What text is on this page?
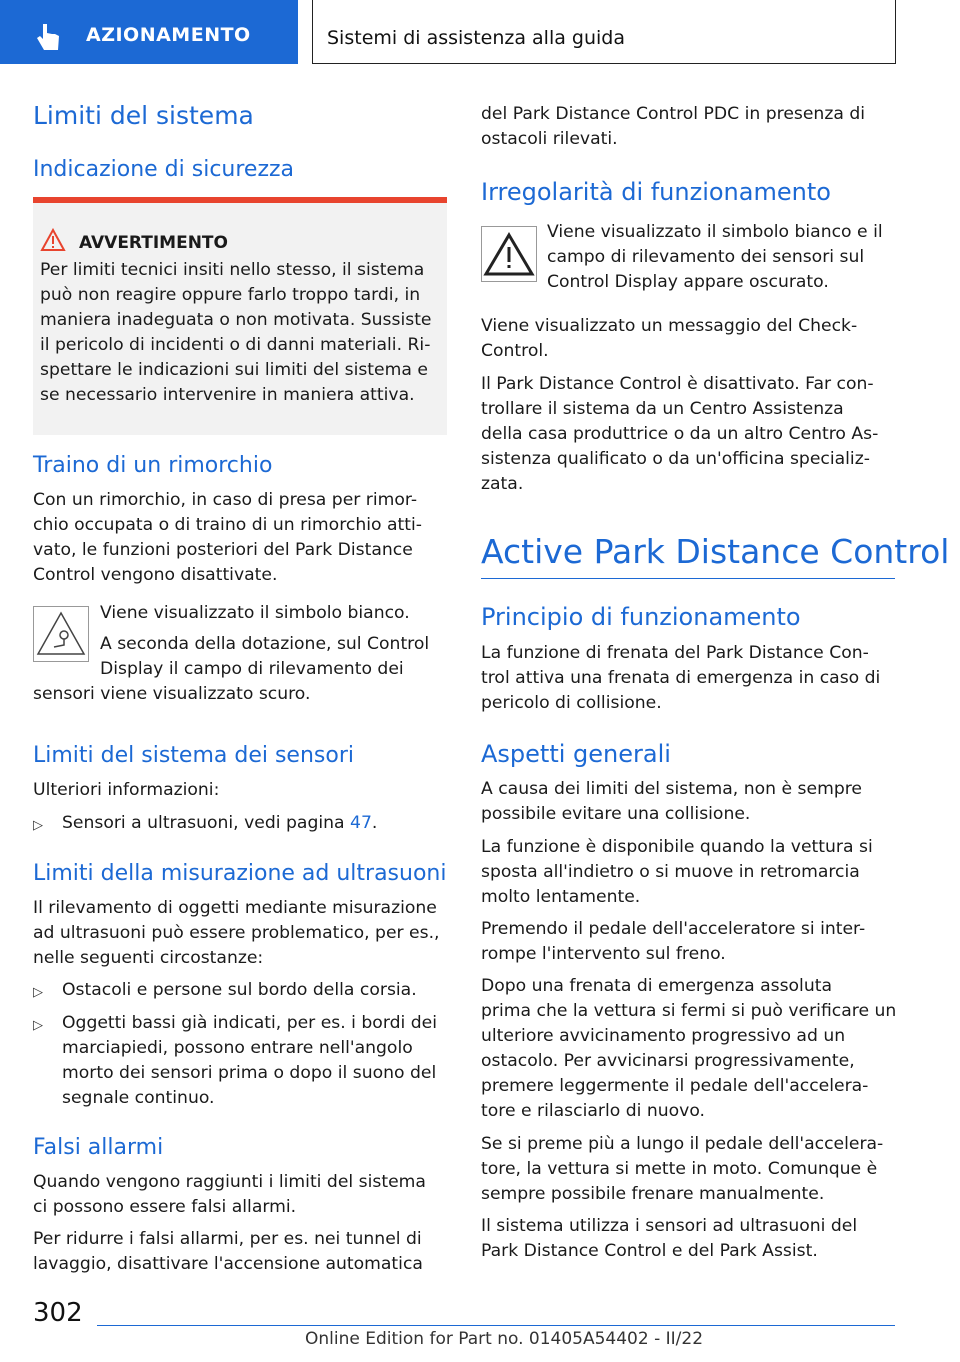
AZIONAMENTO	Sistemi di assistenza alla guida
Limiti del sistema
Indicazione di sicurezza
AVVERTIMENTO
Per limiti tecnici insiti nello stesso, il sistema
può non reagire oppure farlo troppo tardi, in
maniera inadeguata o non motivata. Sussiste
il pericolo di incidenti o di danni materiali. Ri-
spettare le indicazioni sui limiti del sistema e
se necessario intervenire in maniera attiva.
Traino di un rimorchio
Con un rimorchio, in caso di presa per rimor-
chio occupata o di traino di un rimorchio atti-
vato, le funzioni posteriori del Park Distance
Control vengono disattivate.
Viene visualizzato il simbolo bianco.
A seconda della dotazione, sul Control
Display il campo di rilevamento dei
sensori viene visualizzato scuro.
Limiti del sistema dei sensori
Ulteriori informazioni:
▷ Sensori a ultrasuoni, vedi pagina 47.
Limiti della misurazione ad ultrasuoni
Il rilevamento di oggetti mediante misurazione
ad ultrasuoni può essere problematico, per es.,
nelle seguenti circostanze:
▷ Ostacoli e persone sul bordo della corsia.
▷ Oggetti bassi già indicati, per es. i bordi dei
marciapiedi, possono entrare nell'angolo
morto dei sensori prima o dopo il suono del
segnale continuo.
Falsi allarmi
Quando vengono raggiunti i limiti del sistema
ci possono essere falsi allarmi.
Per ridurre i falsi allarmi, per es. nei tunnel di
lavaggio, disattivare l'accensione automatica
del Park Distance Control PDC in presenza di
ostacoli rilevati.
Irregolarità di funzionamento
Viene visualizzato il simbolo bianco e il
campo di rilevamento dei sensori sul
Control Display appare oscurato.
Viene visualizzato un messaggio del Check-
Control.
Il Park Distance Control è disattivato. Far con-
trollare il sistema da un Centro Assistenza
della casa produttrice o da un altro Centro As-
sistenza qualificato o da un'officina specializ-
zata.
Active Park Distance Control
Principio di funzionamento
La funzione di frenata del Park Distance Con-
trol attiva una frenata di emergenza in caso di
pericolo di collisione.
Aspetti generali
A causa dei limiti del sistema, non è sempre
possibile evitare una collisione.
La funzione è disponibile quando la vettura si
sposta all'indietro o si muove in retromarcia
molto lentamente.
Premendo il pedale dell'acceleratore si inter-
rompe l'intervento sul freno.
Dopo una frenata di emergenza assoluta
prima che la vettura si fermi si può verificare un
ulteriore avvicinamento progressivo ad un
ostacolo. Per avvicinarsi progressivamente,
premere leggermente il pedale dell'accelera-
tore e rilasciarlo di nuovo.
Se si preme più a lungo il pedale dell'accelera-
tore, la vettura si mette in moto. Comunque è
sempre possibile frenare manualmente.
Il sistema utilizza i sensori ad ultrasuoni del
Park Distance Control e del Park Assist.
302
Online Edition for Part no. 01405A54402 - II/22
